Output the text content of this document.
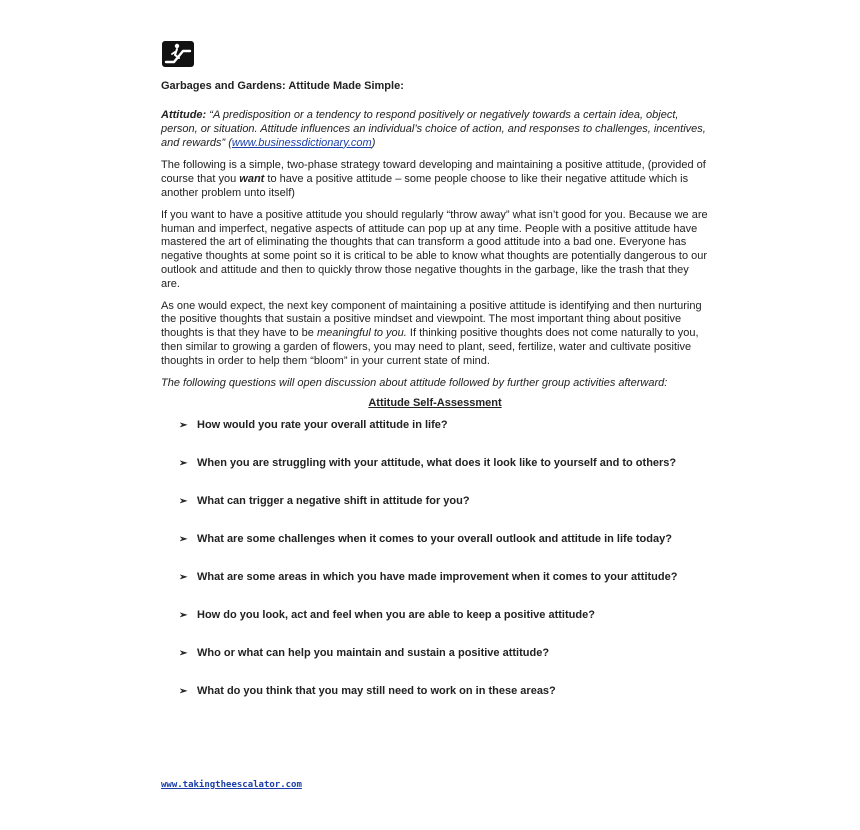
Garbages and Gardens: Attitude Made Simple:

Attitude: “A predisposition or a tendency to respond positively or negatively towards a certain idea, object, person, or situation. Attitude influences an individual’s choice of action, and responses to challenges, incentives, and rewards” (www.businessdictionary.com)

The following is a simple, two-phase strategy toward developing and maintaining a positive attitude, (provided of course that you want to have a positive attitude – some people choose to like their negative attitude which is another problem unto itself)

If you want to have a positive attitude you should regularly “throw away” what isn’t good for you. Because we are human and imperfect, negative aspects of attitude can pop up at any time. People with a positive attitude have mastered the art of eliminating the thoughts that can transform a good attitude into a bad one. Everyone has negative thoughts at some point so it is critical to be able to know what thoughts are potentially dangerous to our outlook and attitude and then to quickly throw those negative thoughts in the garbage, like the trash that they are.

As one would expect, the next key component of maintaining a positive attitude is identifying and then nurturing the positive thoughts that sustain a positive mindset and viewpoint. The most important thing about positive thoughts is that they have to be meaningful to you. If thinking positive thoughts does not come naturally to you, then similar to growing a garden of flowers, you may need to plant, seed, fertilize, water and cultivate positive thoughts in order to help them “bloom” in your current state of mind.

The following questions will open discussion about attitude followed by further group activities afterward:

Attitude Self-Assessment
➢ How would you rate your overall attitude in life?
➢ When you are struggling with your attitude, what does it look like to yourself and to others?
➢ What can trigger a negative shift in attitude for you?
➢ What are some challenges when it comes to your overall outlook and attitude in life today?
➢ What are some areas in which you have made improvement when it comes to your attitude?
➢ How do you look, act and feel when you are able to keep a positive attitude?
➢ Who or what can help you maintain and sustain a positive attitude?
➢ What do you think that you may still need to work on in these areas?
www.takingtheescalator.com
